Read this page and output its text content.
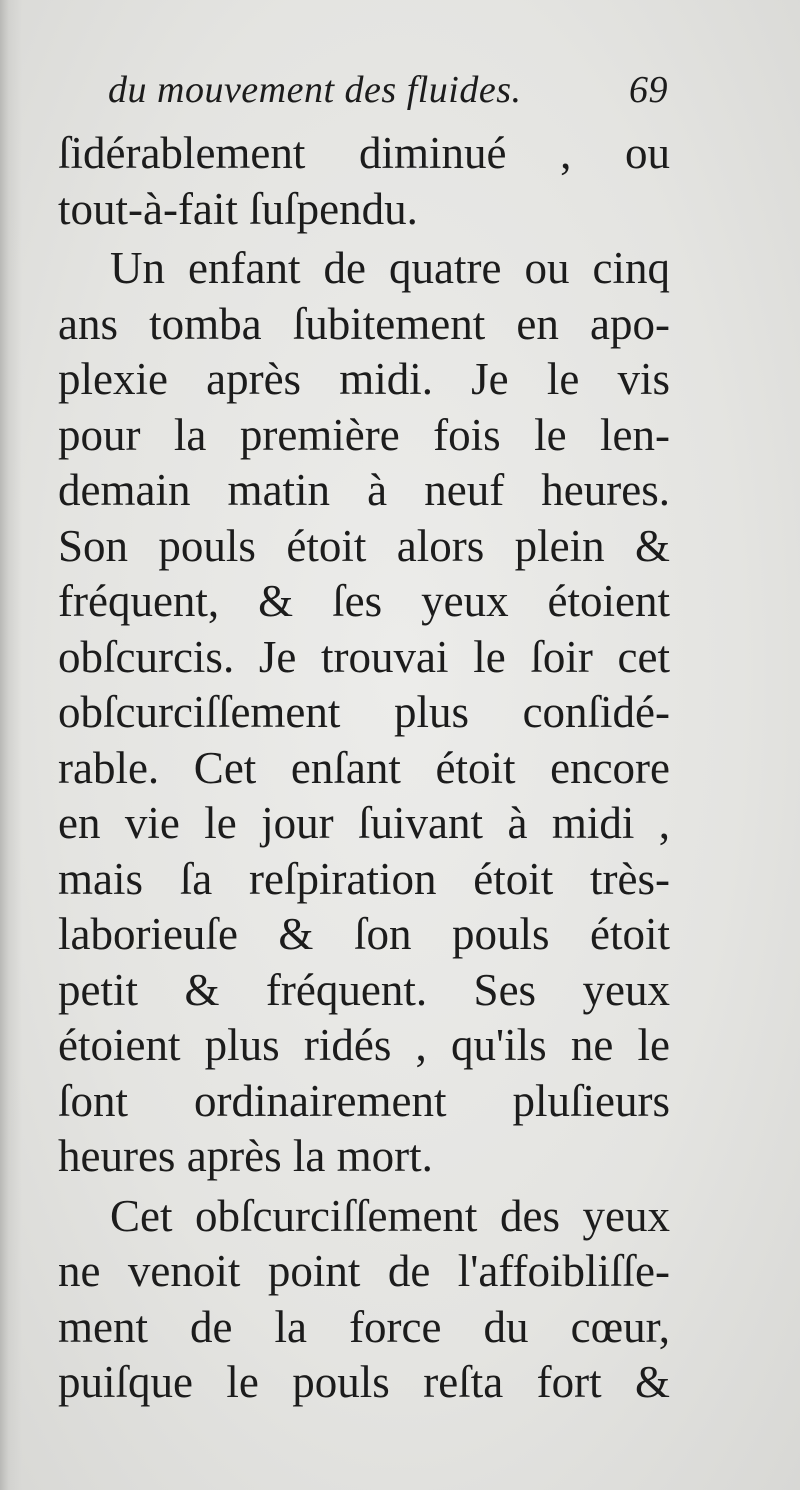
du mouvement des fluides.	69
ſidérablement diminué , ou
tout-à-fait ſuſpendu.
Un enfant de quatre ou cinq
ans tomba ſubitement en apo-
plexie après midi. Je le vis
pour la première fois le len-
demain matin à neuf heures.
Son pouls étoit alors plein &
fréquent, & ſes yeux étoient
obſcurcis. Je trouvai le ſoir cet
obſcurciſſement plus conſidé-
rable. Cet enſant étoit encore
en vie le jour ſuivant à midi ,
mais ſa reſpiration étoit très-
laborieuſe & ſon pouls étoit
petit & fréquent. Ses yeux
étoient plus ridés , qu'ils ne le
ſont ordinairement pluſieurs
heures après la mort.
Cet obſcurciſſement des yeux
ne venoit point de l'affoibliſſe-
ment de la force du cœur,
puiſque le pouls reſta fort &
